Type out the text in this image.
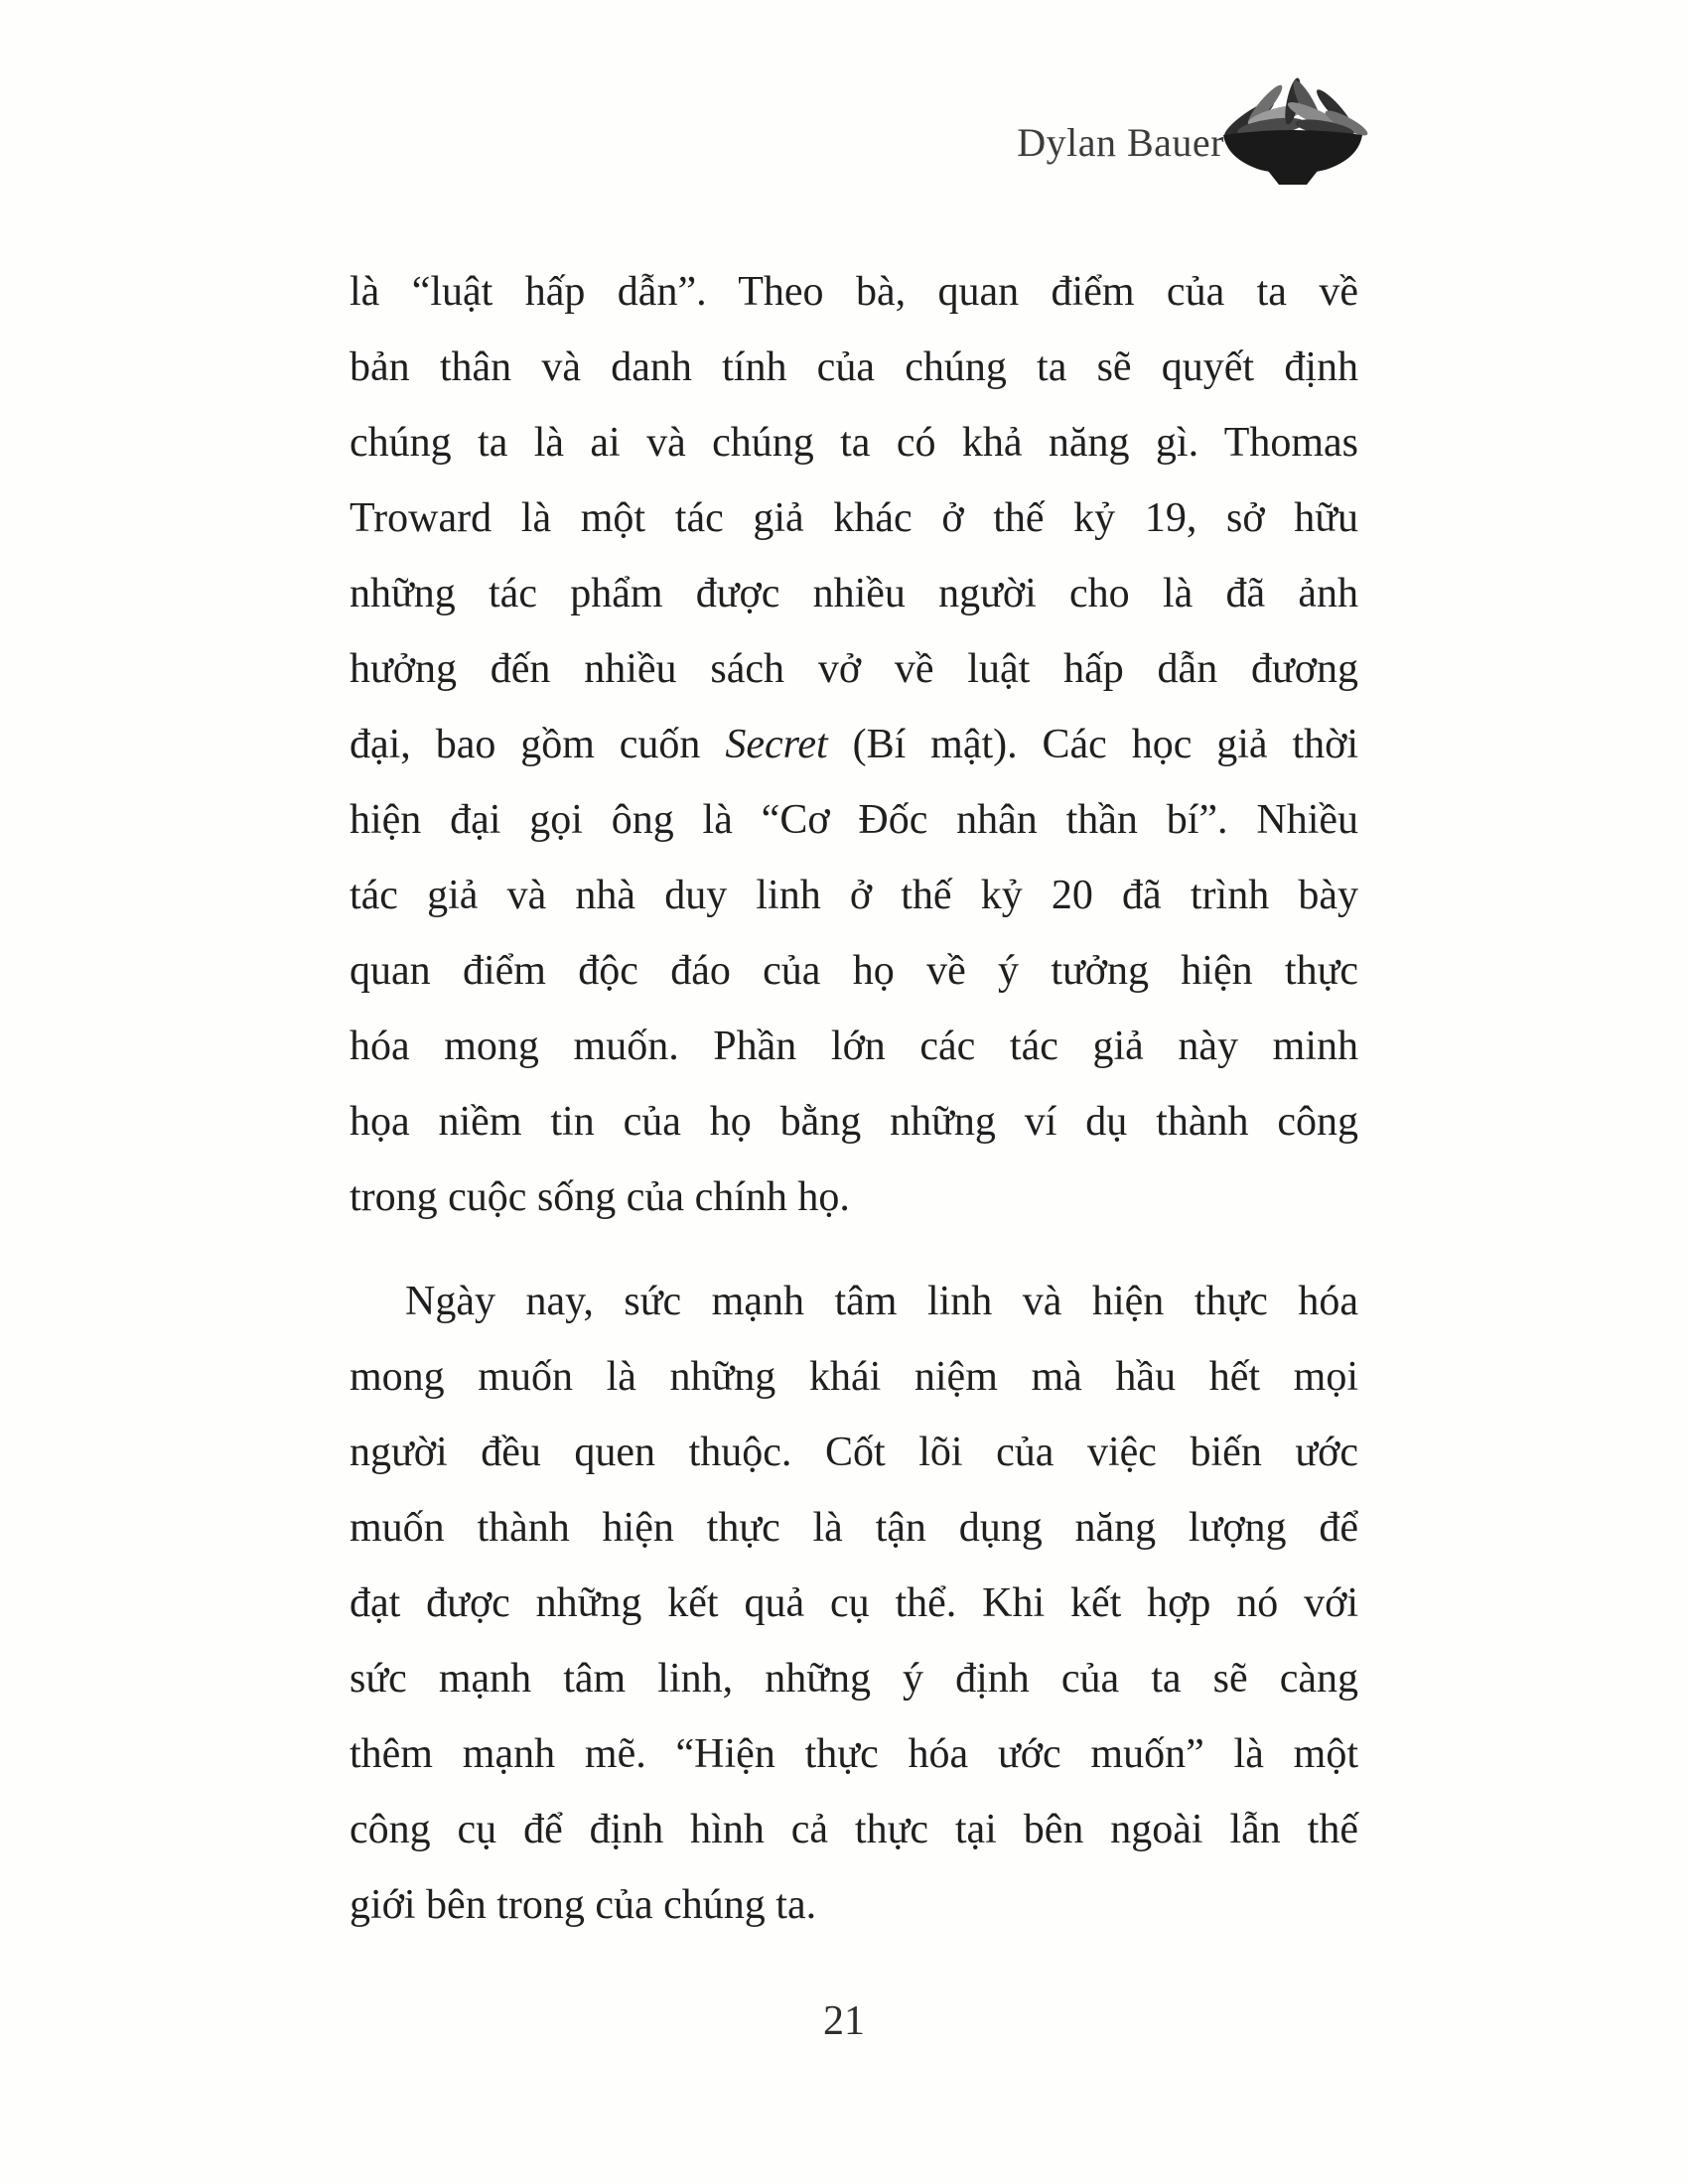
Dylan Bauer
là “luật hấp dẫn”. Theo bà, quan điểm của ta về
bản thân và danh tính của chúng ta sẽ quyết định
chúng ta là ai và chúng ta có khả năng gì. Thomas
Troward là một tác giả khác ở thế kỷ 19, sở hữu
những tác phẩm được nhiều người cho là đã ảnh
hưởng đến nhiều sách vở về luật hấp dẫn đương
đại, bao gồm cuốn Secret (Bí mật). Các học giả thời
hiện đại gọi ông là “Cơ Đốc nhân thần bí”. Nhiều
tác giả và nhà duy linh ở thế kỷ 20 đã trình bày
quan điểm độc đáo của họ về ý tưởng hiện thực
hóa mong muốn. Phần lớn các tác giả này minh
họa niềm tin của họ bằng những ví dụ thành công
trong cuộc sống của chính họ.
Ngày nay, sức mạnh tâm linh và hiện thực hóa
mong muốn là những khái niệm mà hầu hết mọi
người đều quen thuộc. Cốt lõi của việc biến ước
muốn thành hiện thực là tận dụng năng lượng để
đạt được những kết quả cụ thể. Khi kết hợp nó với
sức mạnh tâm linh, những ý định của ta sẽ càng
thêm mạnh mẽ. “Hiện thực hóa ước muốn” là một
công cụ để định hình cả thực tại bên ngoài lẫn thế
giới bên trong của chúng ta.
21
